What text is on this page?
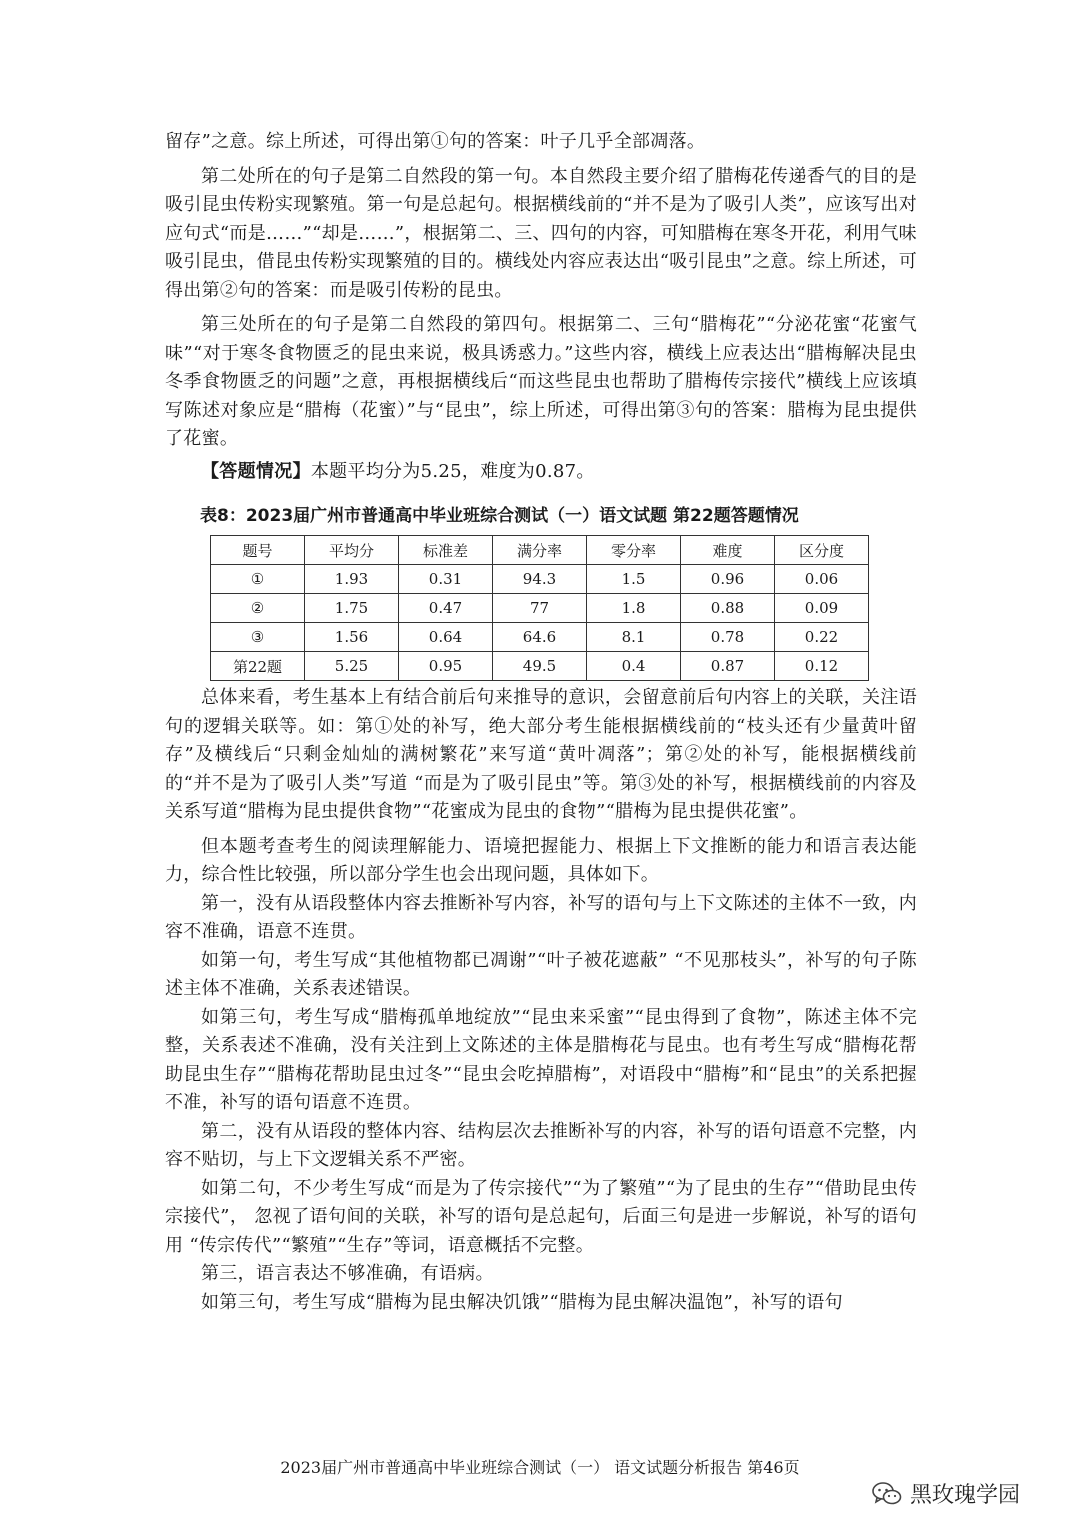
留存”之意。综上所述，可得出第①句的答案：叶子几乎全部凋落。

第二处所在的句子是第二自然段的第一句。本自然段主要介绍了腊梅花传递香气的目的是吸引昆虫传粉实现繁殖。第一句是总起句。根据横线前的“并不是为了吸引人类”，应该写出对应句式“而是……”“却是……”，根据第二、三、四句的内容，可知腊梅在寒冬开花，利用气味吸引昆虫，借昆虫传粉实现繁殖的目的。横线处内容应表达出“吸引昆虫”之意。综上所述，可得出第②句的答案：而是吸引传粉的昆虫。

第三处所在的句子是第二自然段的第四句。根据第二、三句“腊梅花”“分泌花蜜“花蜜气味”“对于寒冬食物匮乏的昆虫来说，极具诱惑力。”这些内容，横线上应表达出“腊梅解决昆虫冬季食物匮乏的问题”之意，再根据横线后“而这些昆虫也帮助了腊梅传宗接代”横线上应该填写陈述对象应是“腊梅（花蜜）”与“昆虫”，综上所述，可得出第③句的答案：腊梅为昆虫提供了花蜜。

【答题情况】本题平均分为5.25，难度为0.87。

表8：2023届广州市普通高中毕业班综合测试（一）语文试题 第22题答题情况
题号	平均分	标准差	满分率	零分率	难度	区分度
①	1.93	0.31	94.3	1.5	0.96	0.06
②	1.75	0.47	77	1.8	0.88	0.09
③	1.56	0.64	64.6	8.1	0.78	0.22
第22题	5.25	0.95	49.5	0.4	0.87	0.12

总体来看，考生基本上有结合前后句来推导的意识，会留意前后句内容上的关联，关注语句的逻辑关联等。如：第①处的补写，绝大部分考生能根据横线前的“枝头还有少量黄叶留存”及横线后“只剩金灿灿的满树繁花”来写道“黄叶凋落”；第②处的补写，能根据横线前的“并不是为了吸引人类”写道 “而是为了吸引昆虫”等。第③处的补写，根据横线前的内容及关系写道“腊梅为昆虫提供食物”“花蜜成为昆虫的食物”“腊梅为昆虫提供花蜜”。

但本题考查考生的阅读理解能力、语境把握能力、根据上下文推断的能力和语言表达能力，综合性比较强，所以部分学生也会出现问题，具体如下。

第一，没有从语段整体内容去推断补写内容，补写的语句与上下文陈述的主体不一致，内容不准确，语意不连贯。

如第一句，考生写成“其他植物都已凋谢”“叶子被花遮蔽” “不见那枝头”，补写的句子陈述主体不准确，关系表述错误。

如第三句，考生写成“腊梅孤单地绽放”“昆虫来采蜜”“昆虫得到了食物”，陈述主体不完整，关系表述不准确，没有关注到上文陈述的主体是腊梅花与昆虫。也有考生写成“腊梅花帮助昆虫生存”“腊梅花帮助昆虫过冬”“昆虫会吃掉腊梅”，对语段中“腊梅”和“昆虫”的关系把握不准，补写的语句语意不连贯。

第二，没有从语段的整体内容、结构层次去推断补写的内容，补写的语句语意不完整，内容不贴切，与上下文逻辑关系不严密。

如第二句，不少考生写成“而是为了传宗接代”“为了繁殖”“为了昆虫的生存”“借助昆虫传宗接代”， 忽视了语句间的关联，补写的语句是总起句，后面三句是进一步解说，补写的语句用 “传宗传代”“繁殖”“生存”等词，语意概括不完整。

第三，语言表达不够准确，有语病。

如第三句，考生写成“腊梅为昆虫解决饥饿”“腊梅为昆虫解决温饱”，补写的语句

2023届广州市普通高中毕业班综合测试（一） 语文试题分析报告 第46页
黑玫瑰学园
